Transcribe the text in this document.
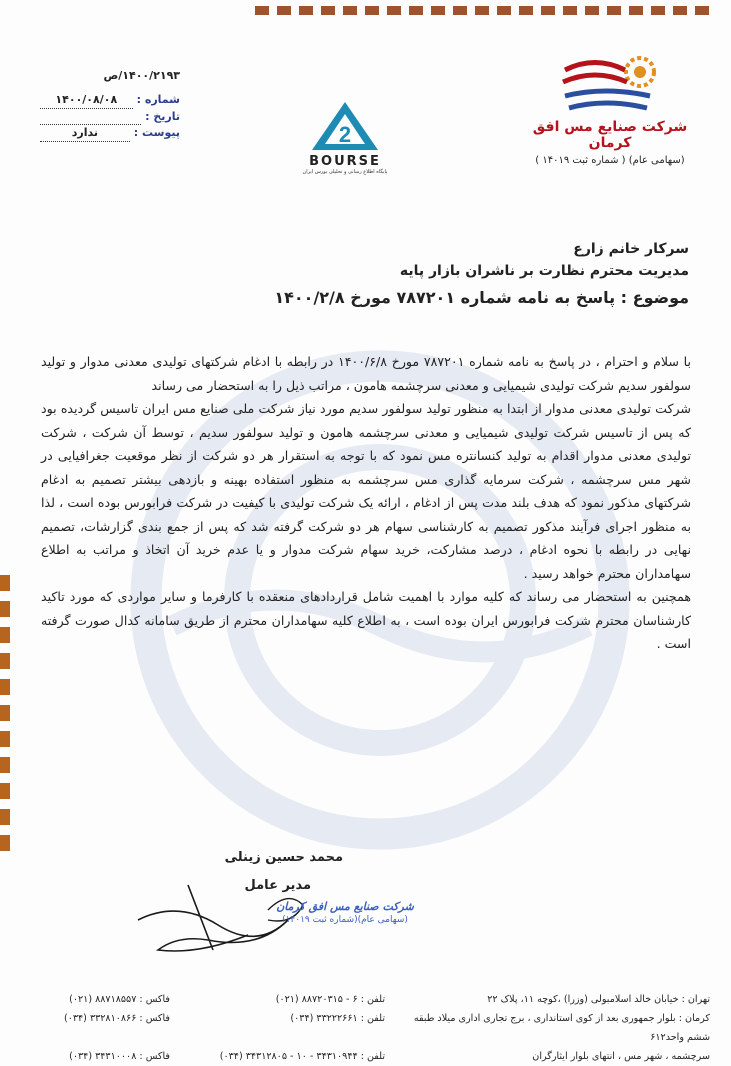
۱۴۰۰/۲۱۹۳/ص
شماره :
۱۴۰۰/۰۸/۰۸
تاریخ :
پیوست :
ندارد	2
BOURSE
پایگاه اطلاع رسانی و تحلیلی بورس ایران
شرکت صنایع مس افق کرمان
(سهامی عام) ( شماره ثبت ۱۴۰۱۹ )
سرکار خانم زارع
مدیریت محترم نظارت بر ناشران بازار پایه
موضوع : پاسخ به نامه شماره ۷۸۷۲۰۱ مورخ ۱۴۰۰/۲/۸

با سلام و احترام ، در پاسخ به نامه شماره ۷۸۷۲۰۱ مورخ ۱۴۰۰/۶/۸ در رابطه با ادغام شرکتهای تولیدی معدنی مدوار و تولید سولفور سدیم شرکت تولیدی شیمیایی و معدنی سرچشمه هامون ، مراتب ذیل را به استحضار می رساند

شرکت تولیدی معدنی مدوار از ابتدا به منظور تولید سولفور سدیم مورد نیاز شرکت ملی صنایع مس ایران تاسیس گردیده بود که پس از تاسیس شرکت تولیدی شیمیایی و معدنی سرچشمه هامون و تولید سولفور سدیم ، توسط آن شرکت ، شرکت تولیدی معدنی مدوار اقدام به تولید کنسانتره مس نمود که با توجه به استقرار هر دو شرکت از نظر موقعیت جغرافیایی در شهر مس سرچشمه ، شرکت سرمایه گذاری مس سرچشمه به منظور استفاده بهینه و بازدهی بیشتر تصمیم به ادغام شرکتهای مذکور نمود که هدف بلند مدت پس از ادغام ، ارائه یک شرکت تولیدی با کیفیت در شرکت فرابورس بوده است ، لذا به منظور اجرای فرآیند مذکور تصمیم به کارشناسی سهام هر دو شرکت گرفته شد که پس از جمع بندی گزارشات، تصمیم نهایی در رابطه با نحوه ادغام ، درصد مشارکت، خرید سهام شرکت مدوار و یا عدم خرید آن اتخاذ و مراتب به اطلاع سهامداران محترم خواهد رسید .

همچنین به استحضار می رساند که کلیه موارد با اهمیت شامل قراردادهای منعقده با کارفرما و سایر مواردی که مورد تاکید کارشناسان محترم شرکت فرابورس ایران بوده است ، به اطلاع کلیه سهامداران محترم از طریق سامانه کدال صورت گرفته است .

محمد حسین زینلی
مدیر عامل
شرکت صنایع مس افق کرمان
(سهامی عام)(شماره ثبت ۱۴۰۱۹)
تهران : خیابان خالد اسلامبولی (وزرا) ،کوچه ۱۱، پلاک ۲۲
تلفن : ۶ - ۸۸۷۲۰۳۱۵ (۰۲۱)
فاکس : ۸۸۷۱۸۵۵۷ (۰۲۱)
کرمان : بلوار جمهوری بعد از کوی استانداری ، برج تجاری اداری میلاد طبقه ششم واحد۶۱۲
تلفن : ۳۳۲۲۲۶۶۱ (۰۳۴)
فاکس : ۳۳۲۸۱۰۸۶۶ (۰۳۴)
سرچشمه ، شهر مس ، انتهای بلوار ایثارگران
تلفن : ۳۴۳۱۰۹۴۴ - ۱۰ - ۳۴۳۱۲۸۰۵ (۰۳۴)
فاکس : ۳۴۳۱۰۰۰۸ (۰۳۴)
